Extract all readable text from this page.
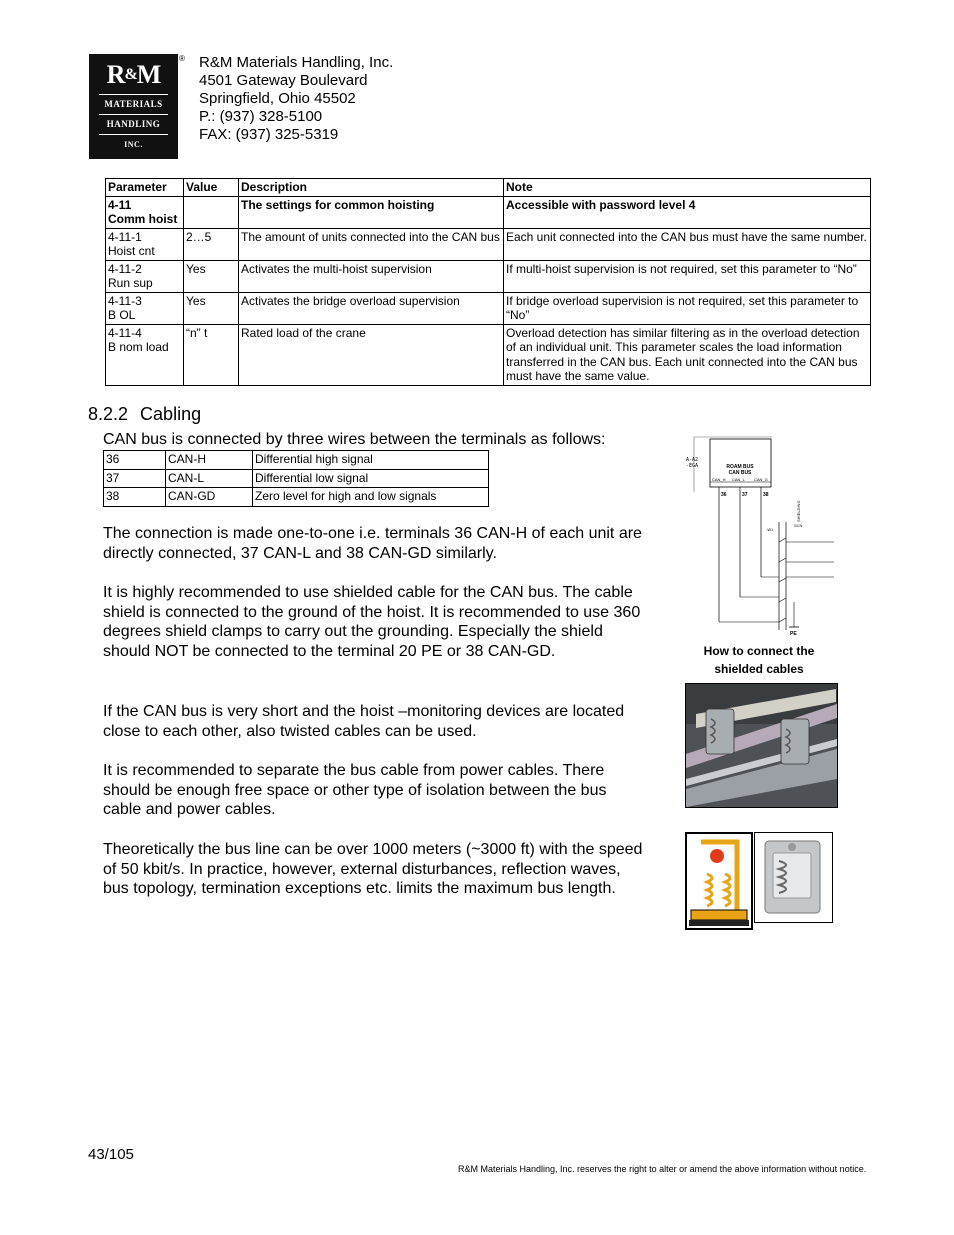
R&M
MATERIALS
HANDLING
INC.
® R&M Materials Handling, Inc.
4501 Gateway Boulevard
Springfield, Ohio 45502
P.: (937) 328-5100
FAX: (937) 325-5319
Parameter	Value	Description	Note

4-11
Comm hoist		The settings for common hoisting	Accessible with password level 4

4-11-1
Hoist cnt	2…5	The amount of units connected into the CAN bus	Each unit connected into the CAN bus must have the same number.

4-11-2
Run sup	Yes	Activates the multi-hoist supervision	If multi-hoist supervision is not required, set this parameter to “No”

4-11-3
B OL	Yes	Activates the bridge overload supervision	If bridge overload supervision is not required, set this parameter to “No”

4-11-4
B nom load	“n” t	Rated load of the crane	Overload detection has similar filtering as in the overload detection of an individual unit. This parameter scales the load information transferred in the CAN bus. Each unit connected into the CAN bus must have the same value.
8.2.2 Cabling
CAN bus is connected by three wires between the terminals as follows:
36	CAN-H	Differential high signal
37	CAN-L	Differential low signal
38	CAN-GD	Zero level for high and low signals
The connection is made one-to-one i.e. terminals 36 CAN-H of each unit are directly connected, 37 CAN-L and 38 CAN-GD similarly.
It is highly recommended to use shielded cable for the CAN bus. The cable shield is connected to the ground of the hoist. It is recommended to use 360 degrees shield clamps to carry out the grounding. Especially the shield should NOT be connected to the terminal 20 PE or 38 CAN-GD.
If the CAN bus is very short and the hoist –monitoring devices are located close to each other, also twisted cables can be used.
It is recommended to separate the bus cable from power cables. There should be enough free space or other type of isolation between the bus cable and power cables.
Theoretically the bus line can be over 1000 meters (~3000 ft) with the speed of 50 kbit/s. In practice, however, external disturbances, reflection waves, bus topology, termination exceptions etc. limits the maximum bus length.
A-A2
-EGA	ROAM BUS
CAN BUS
CAN_H CAN_L CAN_G
36	37	38
-W1
SHIELDING
SCN
PE
How to connect the
shielded cables
43/105
R&M Materials Handling, Inc. reserves the right to alter or amend the above information without notice.
